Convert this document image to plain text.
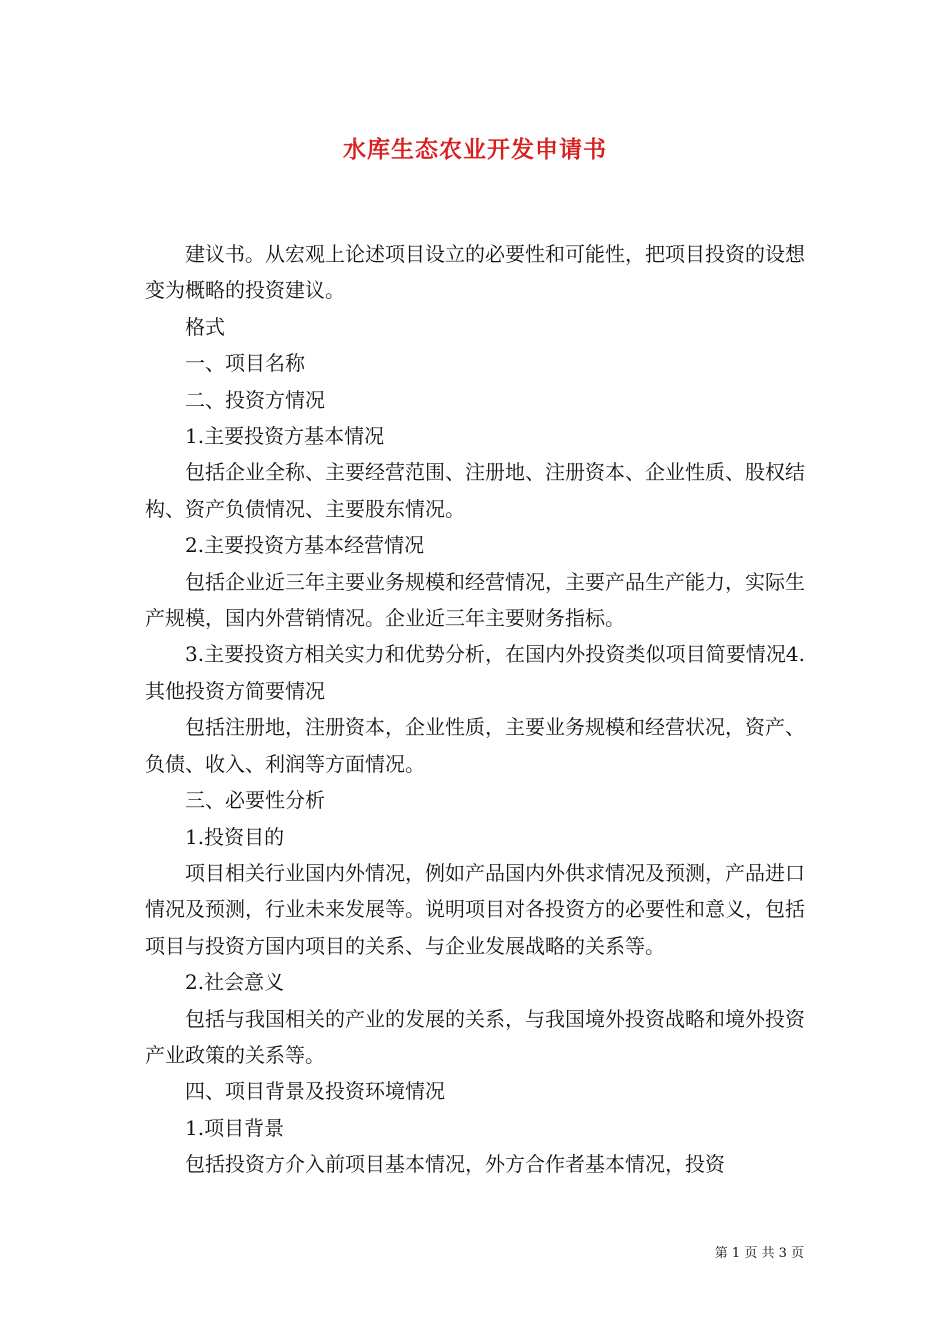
水库生态农业开发申请书

建议书。从宏观上论述项目设立的必要性和可能性，把项目投资的设想变为概略的投资建议。

格式

一、项目名称

二、投资方情况

1.主要投资方基本情况

包括企业全称、主要经营范围、注册地、注册资本、企业性质、股权结构、资产负债情况、主要股东情况。

2.主要投资方基本经营情况

包括企业近三年主要业务规模和经营情况，主要产品生产能力，实际生产规模，国内外营销情况。企业近三年主要财务指标。

3.主要投资方相关实力和优势分析，在国内外投资类似项目简要情况4.其他投资方简要情况

包括注册地，注册资本，企业性质，主要业务规模和经营状况，资产、负债、收入、利润等方面情况。

三、必要性分析

1.投资目的

项目相关行业国内外情况，例如产品国内外供求情况及预测，产品进口情况及预测，行业未来发展等。说明项目对各投资方的必要性和意义，包括项目与投资方国内项目的关系、与企业发展战略的关系等。

2.社会意义

包括与我国相关的产业的发展的关系，与我国境外投资战略和境外投资产业政策的关系等。

四、项目背景及投资环境情况

1.项目背景

包括投资方介入前项目基本情况，外方合作者基本情况，投资

第 1 页 共 3 页
